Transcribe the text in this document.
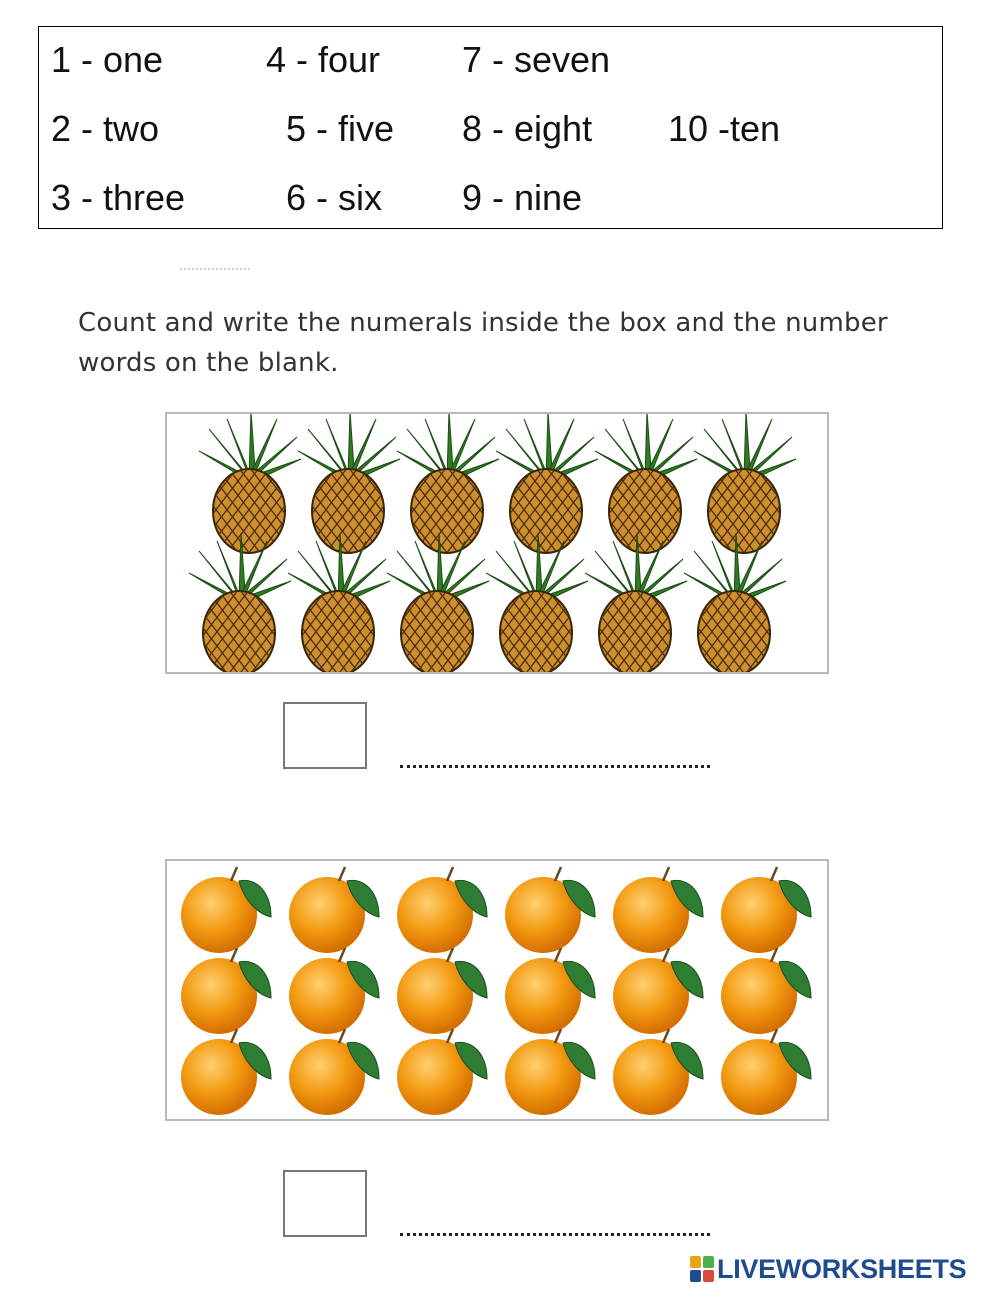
1 - one
2 - two
3 - three
4 - four
5 - five
6 - six
7 - seven
8 - eight
9 - nine
10 -ten
Count and write the numerals inside the box and the number words on the blank.
LIVEWORKSHEETS
